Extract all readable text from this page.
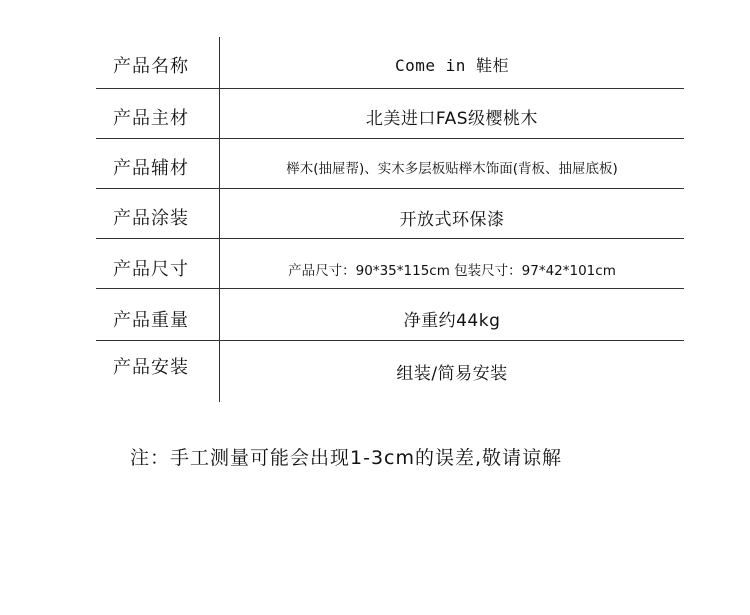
产品名称	Come in 鞋柜
产品主材	北美进口FAS级樱桃木
产品辅材	榉木(抽屉帮)、实木多层板贴榉木饰面(背板、抽屉底板)
产品涂装	开放式环保漆
产品尺寸	产品尺寸：90*35*115cm 包装尺寸：97*42*101cm
产品重量	净重约44kg
产品安装	组装/简易安装
注：手工测量可能会出现1-3cm的误差,敬请谅解
